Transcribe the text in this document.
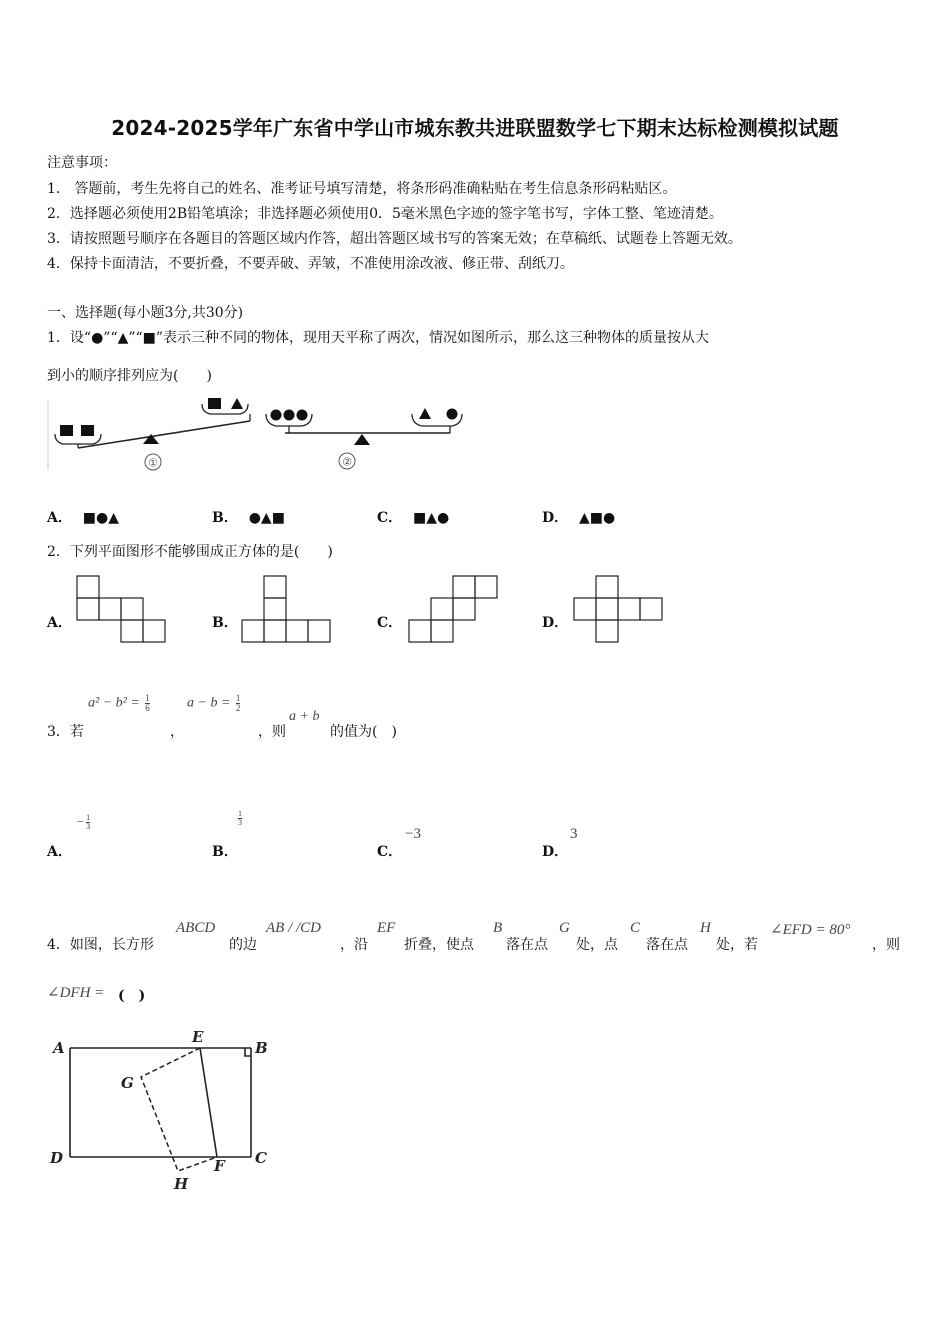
2024-2025学年广东省中学山市城东教共进联盟数学七下期末达标检测模拟试题
注意事项：
1． 答题前，考生先将自己的姓名、准考证号填写清楚，将条形码准确粘贴在考生信息条形码粘贴区。
2．选择题必须使用2B铅笔填涂；非选择题必须使用0．5毫米黑色字迹的签字笔书写，字体工整、笔迹清楚。
3．请按照题号顺序在各题目的答题区域内作答，超出答题区域书写的答案无效；在草稿纸、试题卷上答题无效。
4．保持卡面清洁，不要折叠，不要弄破、弄皱，不准使用涂改液、修正带、刮纸刀。
一、选择题(每小题3分,共30分)
1．设“●”“▲”“■”表示三种不同的物体，现用天平称了两次，情况如图所示，那么这三种物体的质量按从大
到小的顺序排列应为(　　)
①	②
A． ■●▲	B． ●▲■	C． ■▲●	D． ▲■●
2．下列平面图形不能够围成正方体的是(　　)
A．	B．	C．	D．
$a^2 - b^2 = \frac{1}{6}$	$a - b = \frac{1}{2}$
a + b
3．若	，	，则	的值为(　)
A．
− $\frac{1}{3}$
B．
$\frac{1}{3}$
C．
−3
D．
3
4．如图，长方形
ABCD
的边
AB / /CD
，沿
EF
折叠，使点
B
落在点
G
处，点
C
落在点
H
处，若
∠EFD = 80°
，则
∠DFH = (　)
A
E
B
G
D	C
F
H
